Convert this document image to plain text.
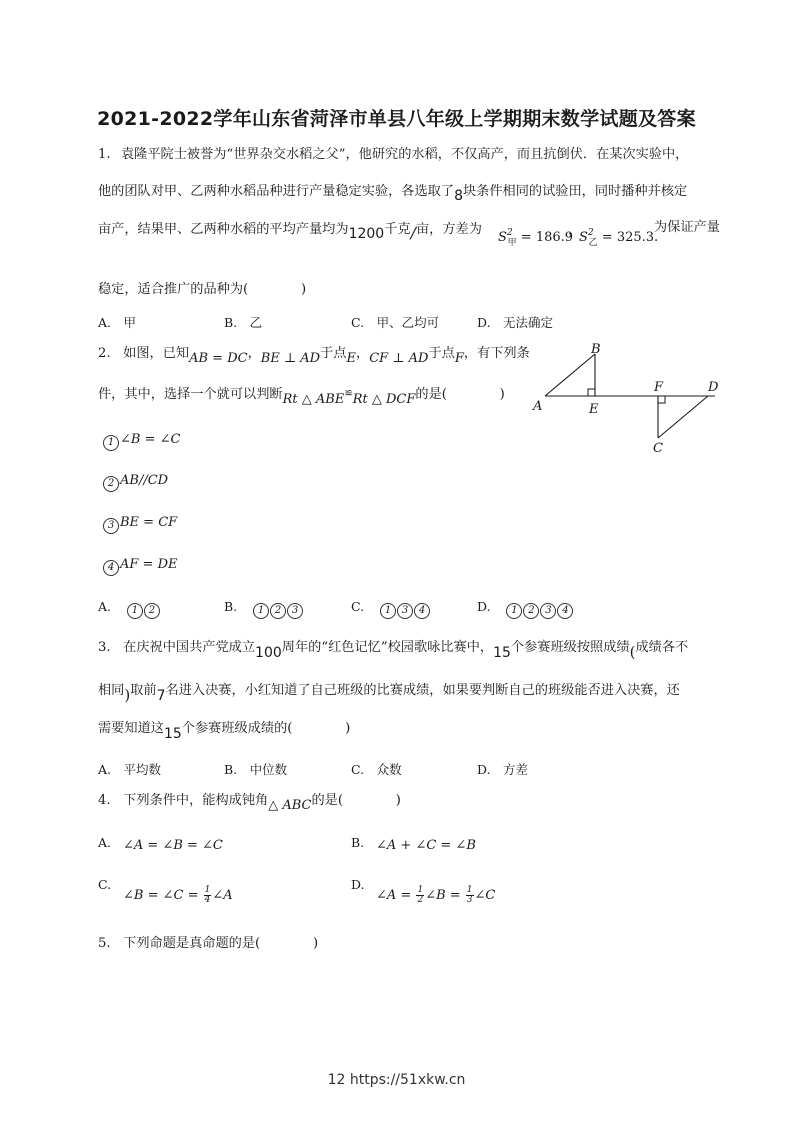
2021-2022学年山东省菏泽市单县八年级上学期期末数学试题及答案
1. 袁隆平院士被誉为“世界杂交水稻之父”，他研究的水稻，不仅高产，而且抗倒伏．在某次实验中，
他的团队对甲、乙两种水稻品种进行产量稳定实验，各选取了8块条件相同的试验田，同时播种并核定
亩产，结果甲、乙两种水稻的平均产量均为1200千克/亩，方差为
$S^2_甲 = 186.9$
，
$S^2_乙 = 325.3$.
为保证产量
稳定，适合推广的品种为(　　　　)
A.　甲	B.　乙	C.　甲、乙均可	D.　无法确定
2. 如图，已知AB = DC，BE ⊥ AD于点E，CF ⊥ AD于点F，有下列条
件，其中，选择一个就可以判断Rt △ ABE≌Rt △ DCF的是(　　　　)
A
B
E
F	D
C
1 ∠B = ∠C
2 AB//CD
3 BE = CF
4 AF = DE
A. 1 2	B. 1 2 3	C. 1 3 4	D. 1 2 3 4
3. 在庆祝中国共产党成立100周年的“红色记忆”校园歌咏比赛中，15个参赛班级按照成绩(成绩各不
相同)取前7名进入决赛，小红知道了自己班级的比赛成绩，如果要判断自己的班级能否进入决赛，还
需要知道这15个参赛班级成绩的(　　　　)
A.　平均数	B.　中位数	C.　众数	D.　方差
4. 下列条件中，能构成钝角△ ABC的是(　　　　)
A. ∠A = ∠B = ∠C	B. ∠A + ∠C = ∠B
C.
∠B = ∠C = $\frac{1}{4}$ ∠A
D.
∠A = $\frac{1}{2}$ ∠B = $\frac{1}{3}$ ∠C
5. 下列命题是真命题的是(　　　　)
12 https://51xkw.cn
